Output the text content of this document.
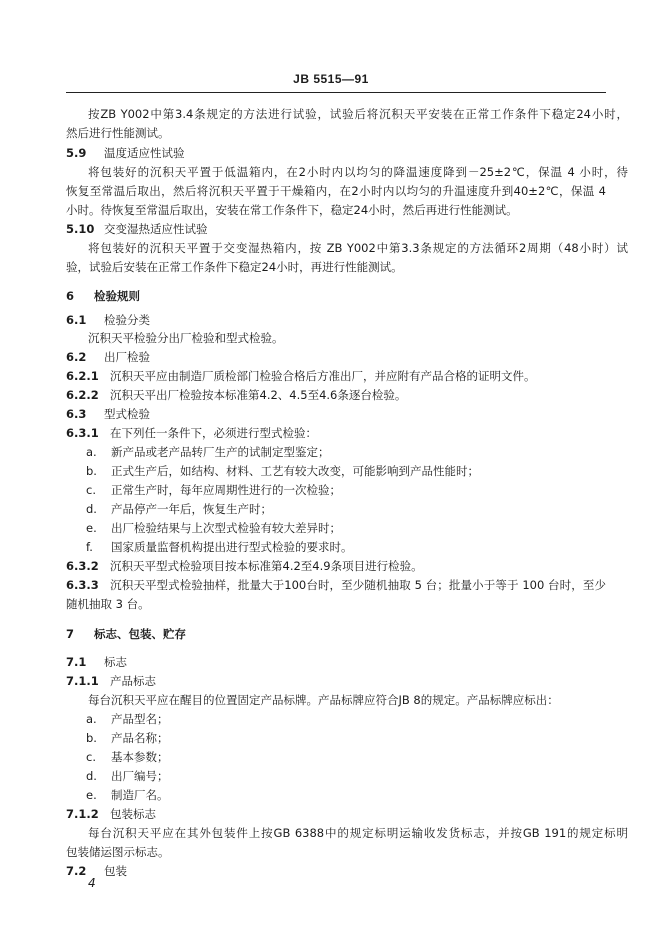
JB 5515—91
按ZB Y002中第3.4条规定的方法进行试验，试验后将沉积天平安装在正常工作条件下稳定24小时，
然后进行性能测试。
5.9 温度适应性试验
将包装好的沉积天平置于低温箱内，在2小时内以均匀的降温速度降到－25±2℃，保温 4 小时，待
恢复至常温后取出，然后将沉积天平置于干燥箱内，在2小时内以均匀的升温速度升到40±2℃，保温 4
小时。待恢复至常温后取出，安装在常工作条件下，稳定24小时，然后再进行性能测试。
5.10 交变湿热适应性试验
将包装好的沉积天平置于交变湿热箱内，按 ZB Y002中第3.3条规定的方法循环2周期（48小时）试
验，试验后安装在正常工作条件下稳定24小时，再进行性能测试。
6 检验规则
6.1 检验分类
沉积天平检验分出厂检验和型式检验。
6.2 出厂检验
6.2.1 沉积天平应由制造厂质检部门检验合格后方准出厂，并应附有产品合格的证明文件。
6.2.2 沉积天平出厂检验按本标准第4.2、4.5至4.6条逐台检验。
6.3 型式检验
6.3.1 在下列任一条件下，必须进行型式检验：
a. 新产品或老产品转厂生产的试制定型鉴定；
b. 正式生产后，如结构、材料、工艺有较大改变，可能影响到产品性能时；
c. 正常生产时，每年应周期性进行的一次检验；
d. 产品停产一年后，恢复生产时；
e. 出厂检验结果与上次型式检验有较大差异时；
f. 国家质量监督机构提出进行型式检验的要求时。
6.3.2 沉积天平型式检验项目按本标准第4.2至4.9条项目进行检验。
6.3.3 沉积天平型式检验抽样，批量大于100台时，至少随机抽取 5 台；批量小于等于 100 台时，至少
随机抽取 3 台。
7 标志、包装、贮存
7.1 标志
7.1.1 产品标志
每台沉积天平应在醒目的位置固定产品标牌。产品标牌应符合JB 8的规定。产品标牌应标出：
a. 产品型名；
b. 产品名称；
c. 基本参数；
d. 出厂编号；
e. 制造厂名。
7.1.2 包装标志
每台沉积天平应在其外包装件上按GB 6388中的规定标明运输收发货标志，并按GB 191的规定标明
包装储运图示标志。
7.2 包装
4
